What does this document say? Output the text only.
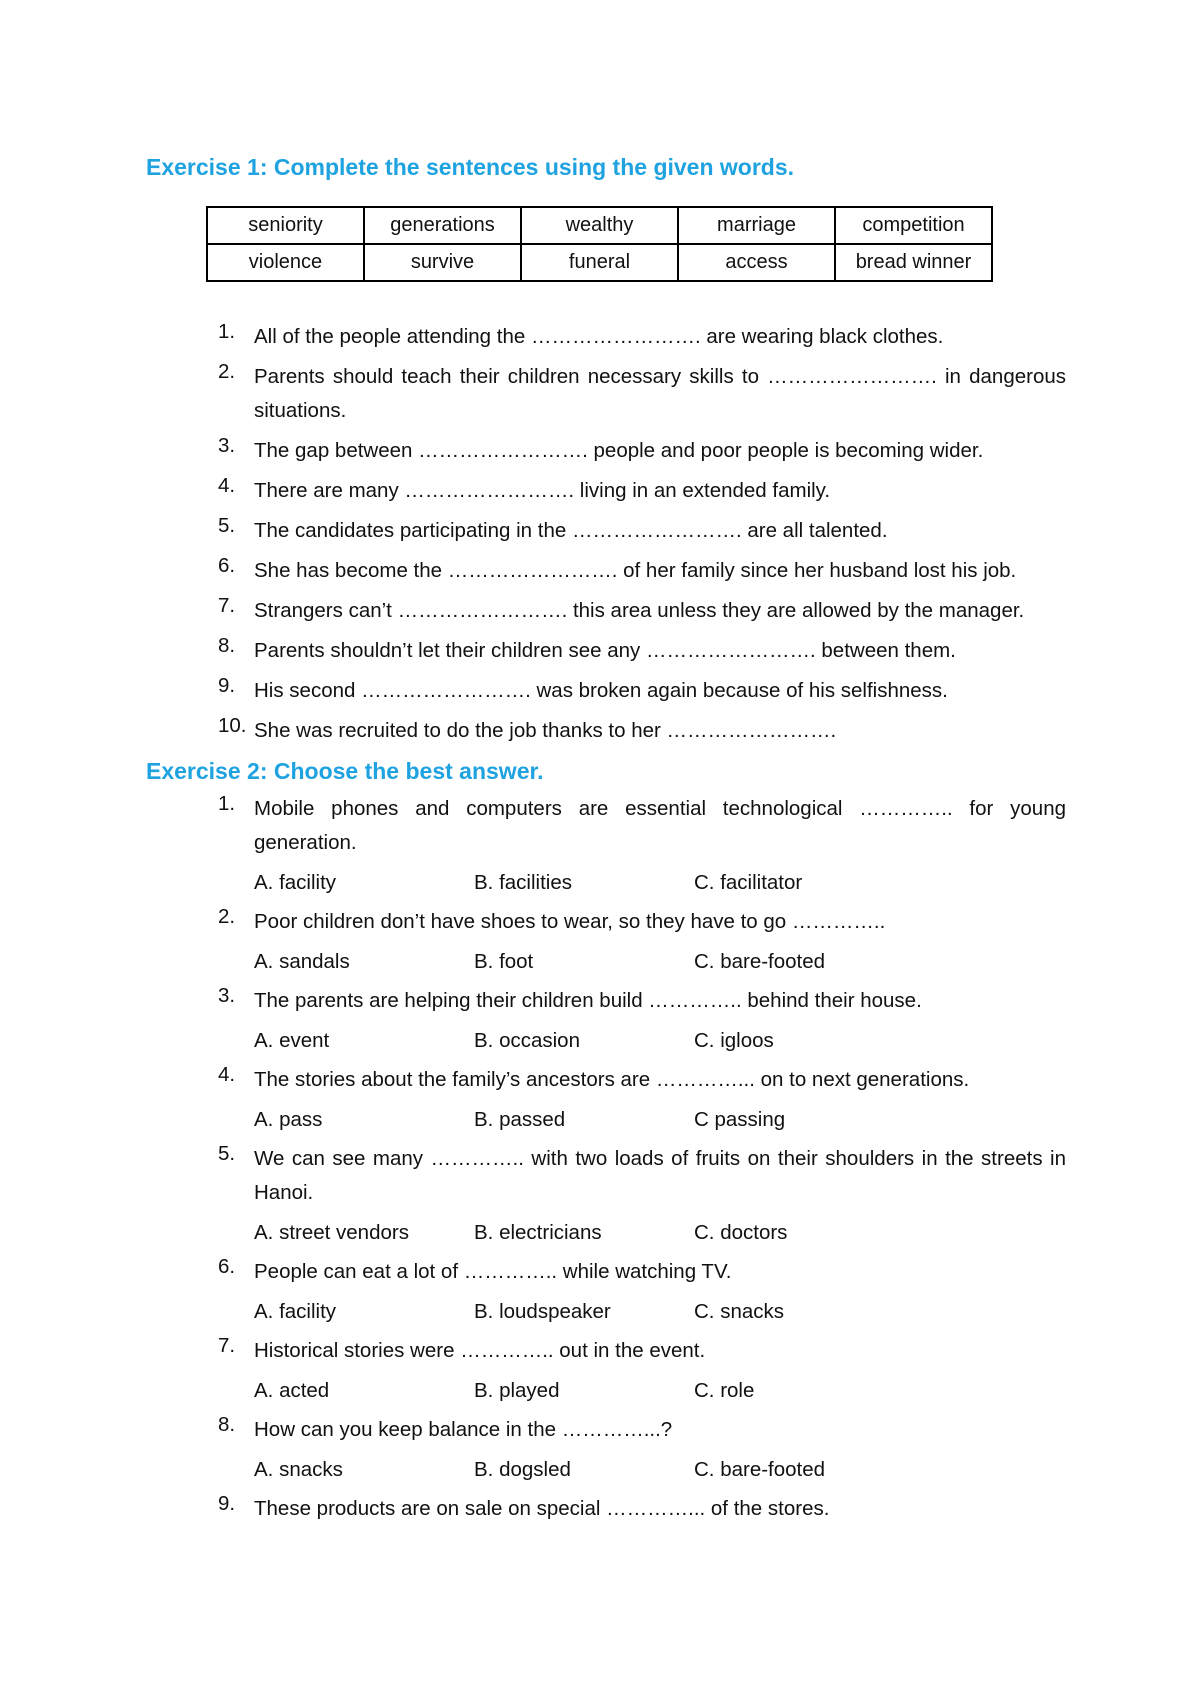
Exercise 1: Complete the sentences using the given words.
seniority	generations	wealthy	marriage	competition
violence	survive	funeral	access	bread winner
1. All of the people attending the ……………………. are wearing black clothes.
2. Parents should teach their children necessary skills to ……………………. in dangerous situations.
3. The gap between ……………………. people and poor people is becoming wider.
4. There are many ……………………. living in an extended family.
5. The candidates participating in the ……………………. are all talented.
6. She has become the ……………………. of her family since her husband lost his job.
7. Strangers can’t ……………………. this area unless they are allowed by the manager.
8. Parents shouldn’t let their children see any ……………………. between them.
9. His second ……………………. was broken again because of his selfishness.
10. She was recruited to do the job thanks to her …………………….
Exercise 2: Choose the best answer.
1. Mobile phones and computers are essential technological ………….. for young generation.
A. facility	B. facilities	C. facilitator
2. Poor children don’t have shoes to wear, so they have to go …………..
A. sandals	B. foot	C. bare-footed
3. The parents are helping their children build ………….. behind their house.
A. event	B. occasion	C. igloos
4. The stories about the family’s ancestors are …………... on to next generations.
A. pass	B. passed	C passing
5. We can see many ………….. with two loads of fruits on their shoulders in the streets in Hanoi.
A. street vendors	B. electricians	C. doctors
6. People can eat a lot of ………….. while watching TV.
A. facility	B. loudspeaker	C. snacks
7. Historical stories were ………….. out in the event.
A. acted	B. played	C. role
8. How can you keep balance in the …………...?
A. snacks	B. dogsled	C. bare-footed
9. These products are on sale on special …………... of the stores.
